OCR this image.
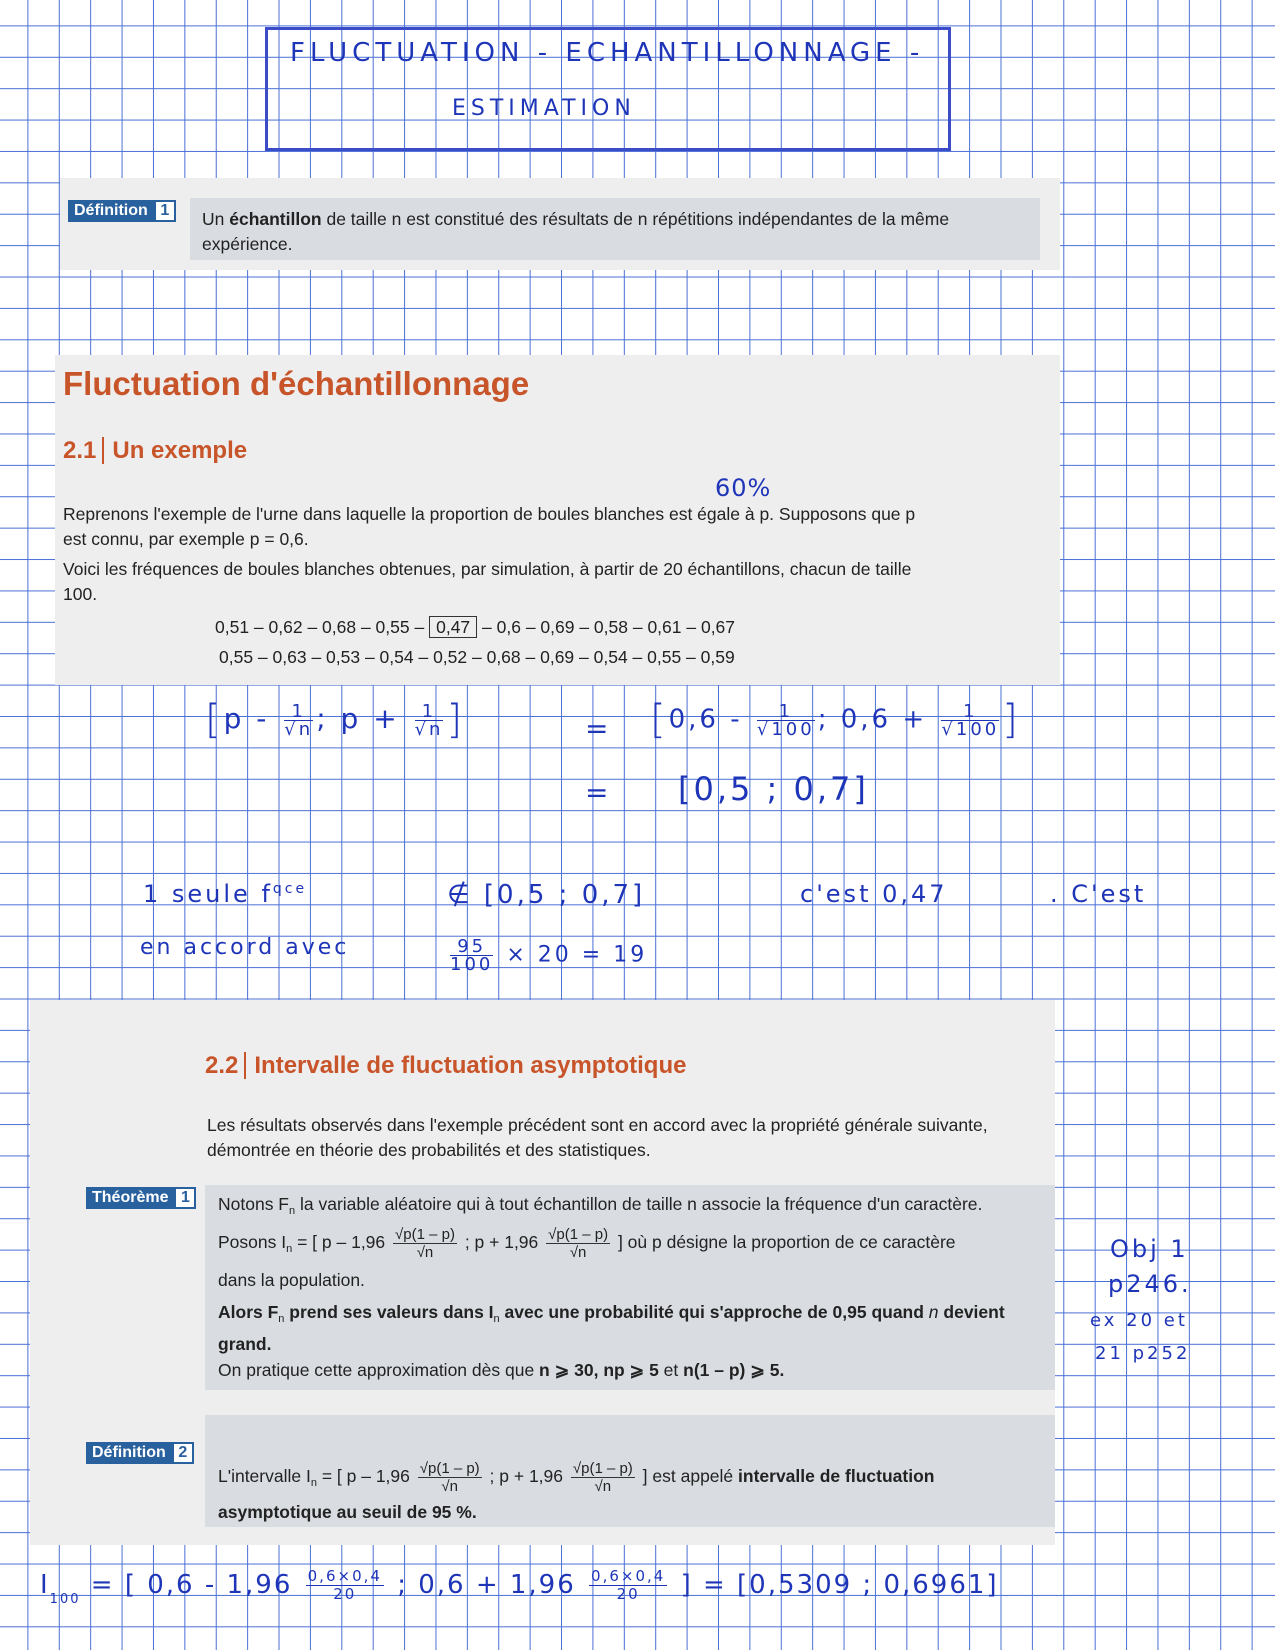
FLUCTUATION - ECHANTILLONNAGE -
ESTIMATION
Définition 1	Un échantillon de taille n est constitué des résultats de n répétitions indépendantes de la même expérience.
Fluctuation d'échantillonnage
2.1 Un exemple
Reprenons l'exemple de l'urne dans laquelle la proportion de boules blanches est égale à p. Supposons que p est connu, par exemple p = 0,6.
Voici les fréquences de boules blanches obtenues, par simulation, à partir de 20 échantillons, chacun de taille 100.
0,51 – 0,62 – 0,68 – 0,55 – 0,47 – 0,6 – 0,69 – 0,58 – 0,61 – 0,67
0,55 – 0,63 – 0,53 – 0,54 – 0,52 – 0,68 – 0,69 – 0,54 – 0,55 – 0,59
60%
[$p - \frac{1}{√n}$ ; $p + \frac{1}{√n}$ ]	= [$0,6 - \frac{1}{√100}$ ; $0,6 + \frac{1}{√100}$ ]
= [0,5 ; 0,7]
1 seule $f^{qce}$	∉ [0,5 ; 0,7]	c'est 0,47	. C'est
en accord avec	$\frac{95}{100} \times 20 = 19$
2.2 Intervalle de fluctuation asymptotique
Les résultats observés dans l'exemple précédent sont en accord avec la propriété générale suivante, démontrée en théorie des probabilités et des statistiques.
Théorème 1	Notons $F_n$ la variable aléatoire qui à tout échantillon de taille n associe la fréquence d'un caractère.
Posons $I_n$ = [ p – $1,96 \frac{√p(1 - p)}{√n}$ ; $p + 1,96 \frac{√p(1 - p)}{√n}$ ] où p désigne la proportion de ce caractère
dans la population.
Alors $F_n$ prend ses valeurs dans $I_n$ avec une probabilité qui s'approche de 0,95 quand n devient grand.
On pratique cette approximation dès que n ⩾ 30, np ⩾ 5 et n(1 – p) ⩾ 5.
Définition 2
L'intervalle $I_n$ = [ p – $1,96 \frac{√p(1 - p)}{√n}$ ; $p + 1,96 \frac{√p(1 - p)}{√n}$ ] est appelé intervalle de fluctuation
asymptotique au seuil de 95 %.
Obj 1
p246.
ex 20 et
21 p252
$I_{100}$ = [ $0,6 - 1,96 \frac{0,6\times 0,4}{20}$ ; $0,6 + 1,96 \frac{0,6\times 0,4}{20}$ ] = [0,5309 ; 0,6961]
